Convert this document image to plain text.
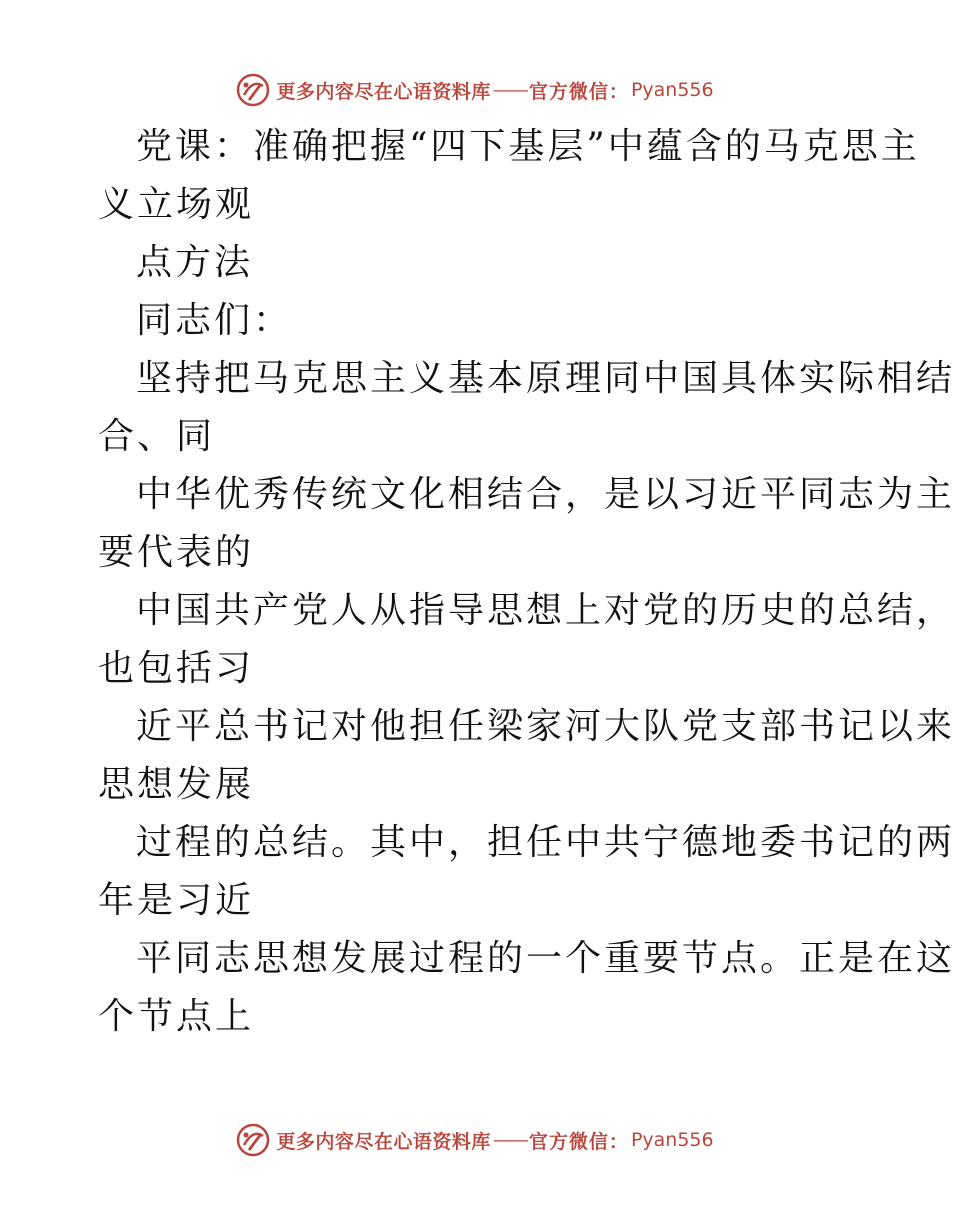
更多内容尽在心语资料库 —— 官方微信： Pyan556
党课：准确把握“四下基层”中蕴含的马克思主
义立场观
点方法
同志们：
坚持把马克思主义基本原理同中国具体实际相结
合、同
中华优秀传统文化相结合，是以习近平同志为主
要代表的
中国共产党人从指导思想上对党的历史的总结，
也包括习
近平总书记对他担任梁家河大队党支部书记以来
思想发展
过程的总结。其中，担任中共宁德地委书记的两
年是习近
平同志思想发展过程的一个重要节点。正是在这
个节点上
更多内容尽在心语资料库 —— 官方微信： Pyan556
